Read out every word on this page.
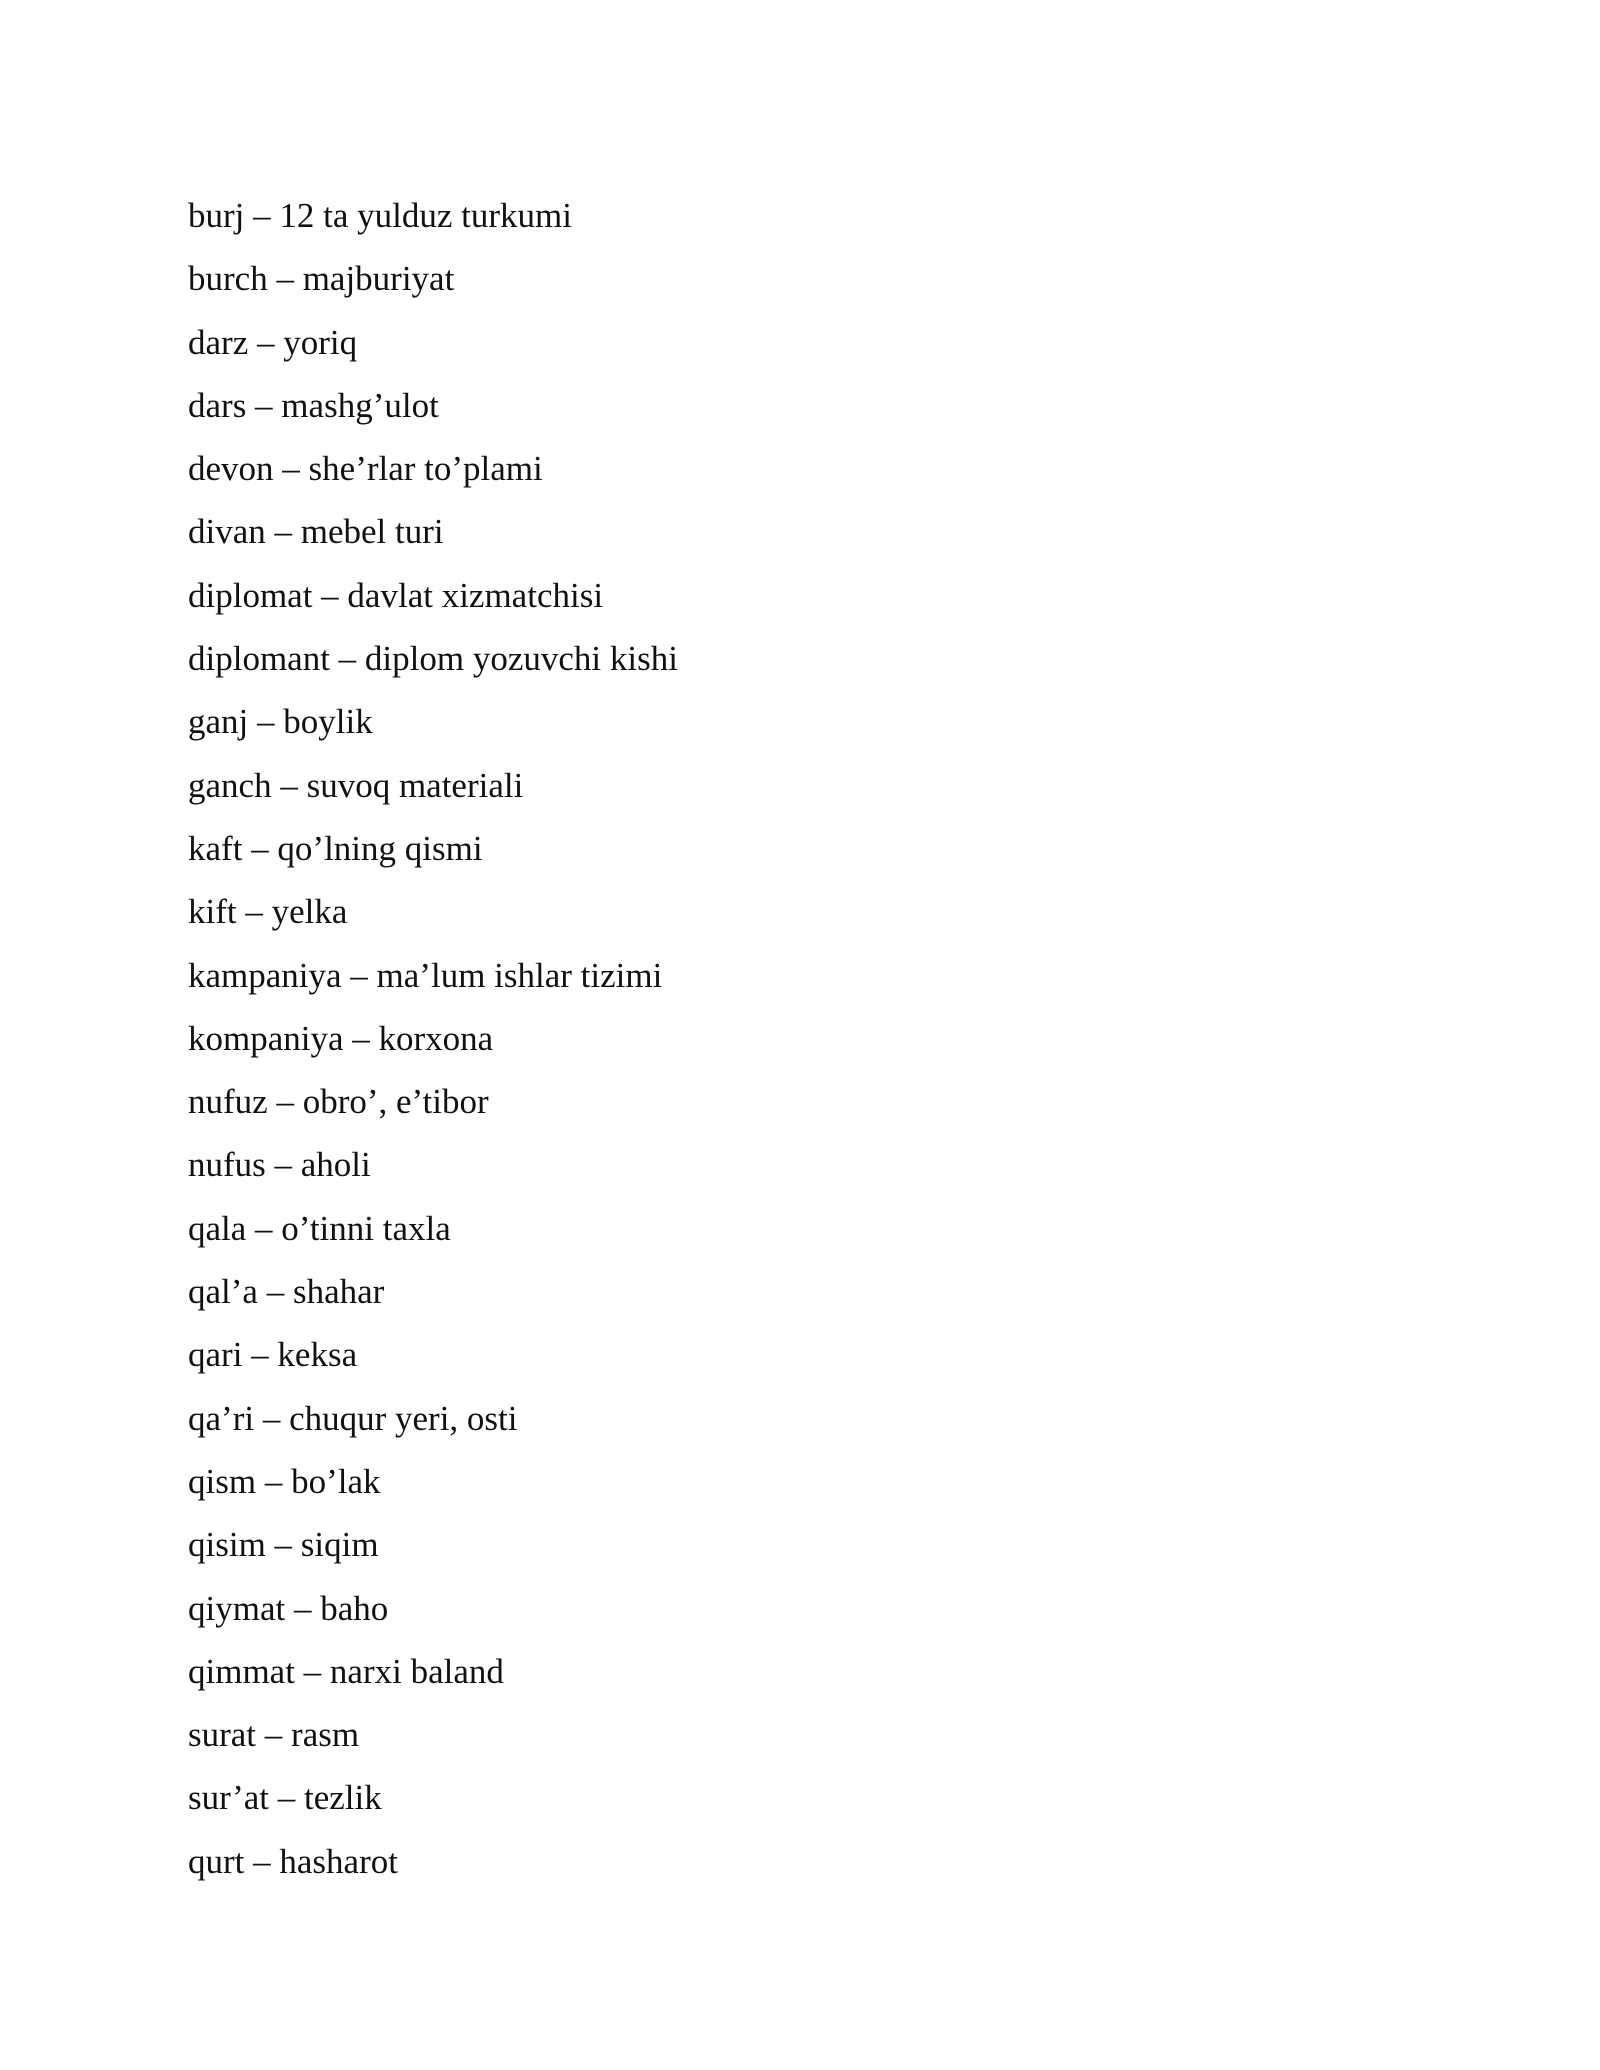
burj – 12 ta yulduz turkumi
burch – majburiyat
darz – yoriq
dars – mashg’ulot
devon – she’rlar to’plami
divan – mebel turi
diplomat – davlat xizmatchisi
diplomant – diplom yozuvchi kishi
ganj – boylik
ganch – suvoq materiali
kaft – qo’lning qismi
kift – yelka
kampaniya – ma’lum ishlar tizimi
kompaniya – korxona
nufuz – obro’, e’tibor
nufus – aholi
qala – o’tinni taxla
qal’a – shahar
qari – keksa
qa’ri – chuqur yeri, osti
qism – bo’lak
qisim – siqim
qiymat – baho
qimmat – narxi baland
surat – rasm
sur’at – tezlik
qurt – hasharot
